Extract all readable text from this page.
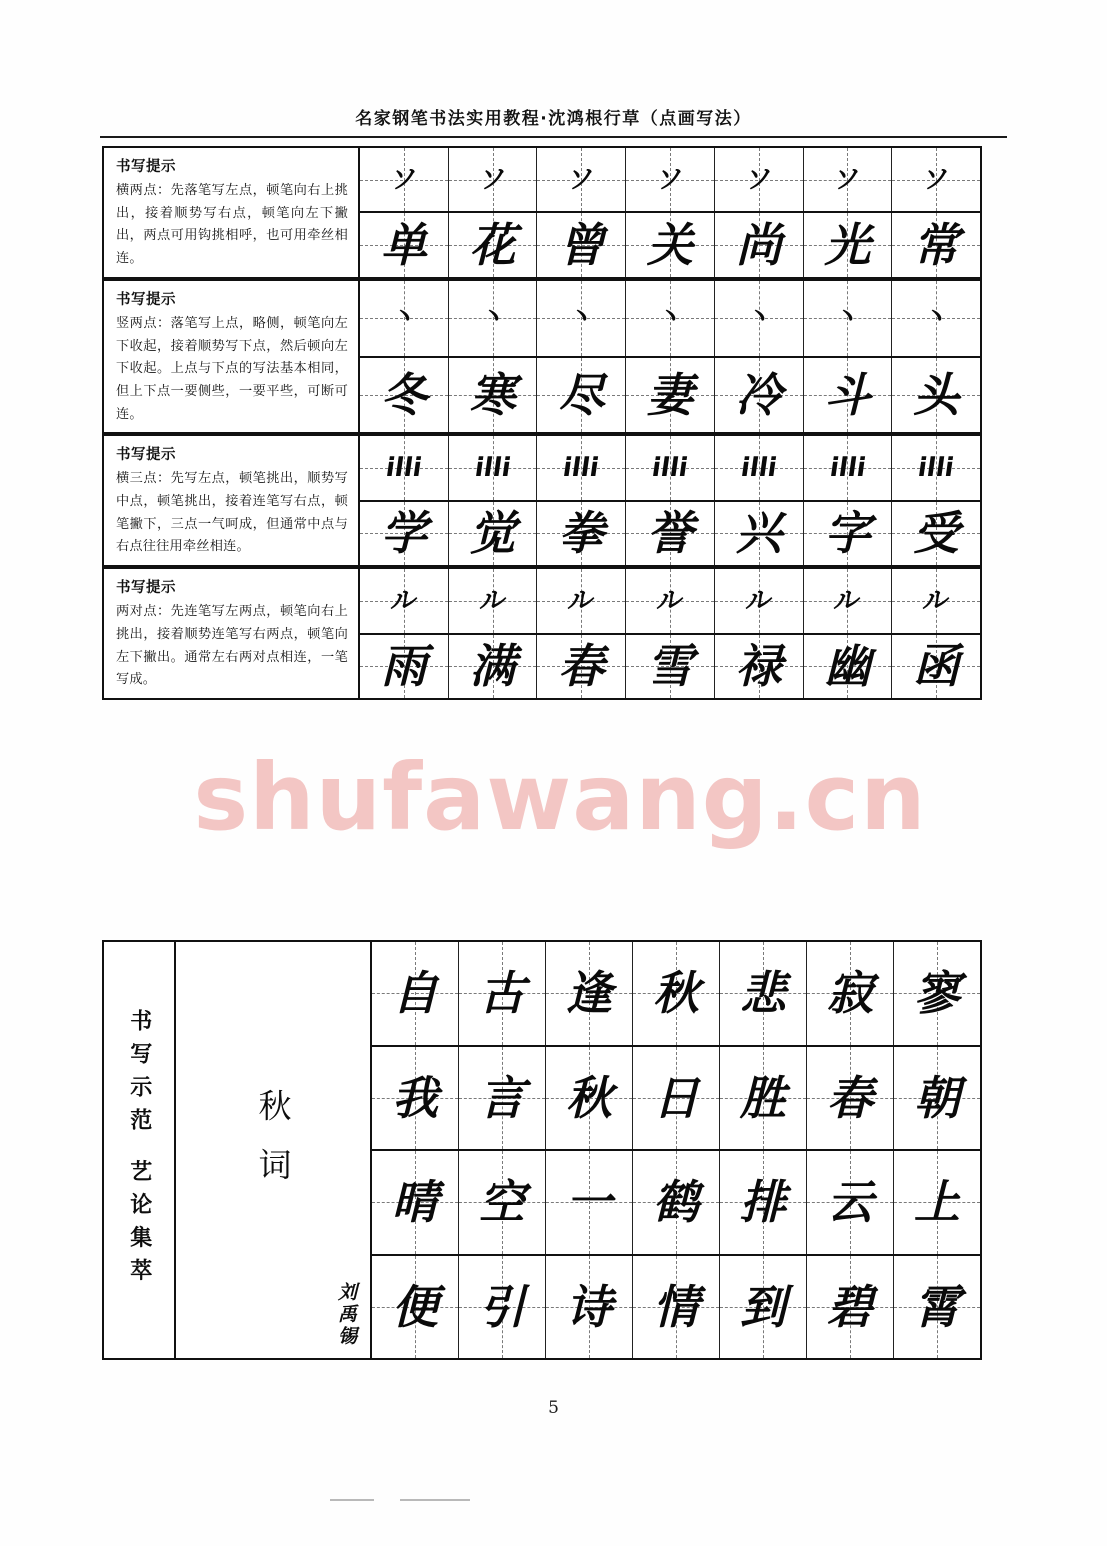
名家钢笔书法实用教程·沈鸿根行草（点画写法）
shufawang.cn
书写提示
横两点：先落笔写左点，顿笔向右上挑出，接着顺势写右点，顿笔向左下撇出，两点可用钩挑相呼，也可用牵丝相连。
ソ ソ ソ ソ ソ ソ ソ
单 花 曾 关 尚 光 常
书写提示
竖两点：落笔写上点，略侧，顿笔向左下收起，接着顺势写下点，然后顿向左下收起。上点与下点的写法基本相同，但上下点一要侧些，一要平些，可断可连。
丶 丶 丶 丶 丶 丶 丶
冬 寒 尽 妻 冷 斗 头
书写提示
横三点：先写左点，顿笔挑出，顺势写中点，顿笔挑出，接着连笔写右点，顿笔撇下，三点一气呵成，但通常中点与右点往往用牵丝相连。
illi illi illi illi illi illi illi
学 觉 拳 誉 兴 字 受
书写提示
两对点：先连笔写左两点，顿笔向右上挑出，接着顺势连笔写右两点，顿笔向左下撇出。通常左右两对点相连，一笔写成。
ル ル ル ル ル ル ル
雨 满 春 雪 禄 幽 函
书写示范 艺论集萃	秋词
刘禹锡
自 古 逢 秋 悲 寂 寥
我 言 秋 日 胜 春 朝
晴 空 一 鹤 排 云 上
便 引 诗 情 到 碧 霄
5
